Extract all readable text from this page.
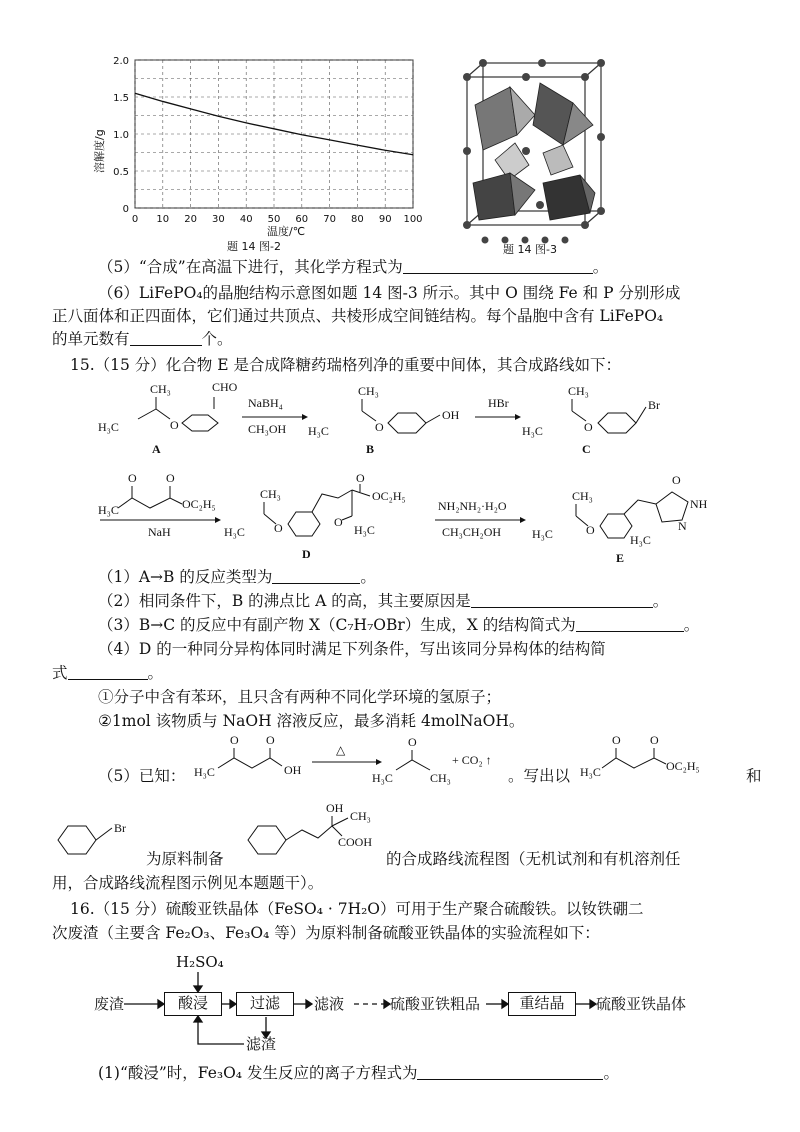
0 10 20 30 40 50 60 70 80 90 100
0
0.5
1.0
1.5
2.0
溶解度/g
温度/℃
题 14 图-2	题 14 图-3
（5）“合成”在高温下进行，其化学方程式为	。
（6）LiFePO₄的晶胞结构示意图如题 14 图-3 所示。其中 O 围绕 Fe 和 P 分别形成
正八面体和正四面体，它们通过共顶点、共棱形成空间链结构。每个晶胞中含有 LiFePO₄
的单元数有	个。
15.（15 分）化合物 E 是合成降糖药瑞格列净的重要中间体，其合成路线如下：
CH₃
H₃C	O
CHO
A
NaBH₄
CH₃OH
CH₃
H₃C	O
OH
B
HBr
CH₃
H₃C	O
Br
C
O O
H₃C	OC₂H₅
NaH
CH₃
H₃C O
O
OC₂H₅
O
H₃C
D
NH₂NH₂·H₂O
CH₃CH₂OH
CH₃
H₃C	O
O
NH
N
H₃C
E
（1）A→B 的反应类型为	。
（2）相同条件下，B 的沸点比 A 的高，其主要原因是	。
（3）B→C 的反应中有副产物 X（C₇H₇OBr）生成，X 的结构简式为	。
（4）D 的一种同分异构体同时满足下列条件，写出该同分异构体的结构简
式	。
①分子中含有苯环，且只含有两种不同化学环境的氢原子；
②1mol 该物质与 NaOH 溶液反应，最多消耗 4molNaOH。
（5）已知：
O O
H₃C	OH
△
O
H₃C	CH₃
+ CO₂ ↑
O O
H₃C	OC₂H₅
。写出以	和
Br
OH
CH₃
COOH
为原料制备	的合成路线流程图（无机试剂和有机溶剂任
用，合成路线流程图示例见本题题干）。
16.（15 分）硫酸亚铁晶体（FeSO₄ · 7H₂O）可用于生产聚合硫酸铁。以钕铁硼二
次废渣（主要含 Fe₂O₃、Fe₃O₄ 等）为原料制备硫酸亚铁晶体的实验流程如下：
H₂SO₄
废渣	酸浸	过滤	滤液	硫酸亚铁粗品	重结晶	硫酸亚铁晶体
滤渣
(1)“酸浸”时，Fe₃O₄ 发生反应的离子方程式为	。
